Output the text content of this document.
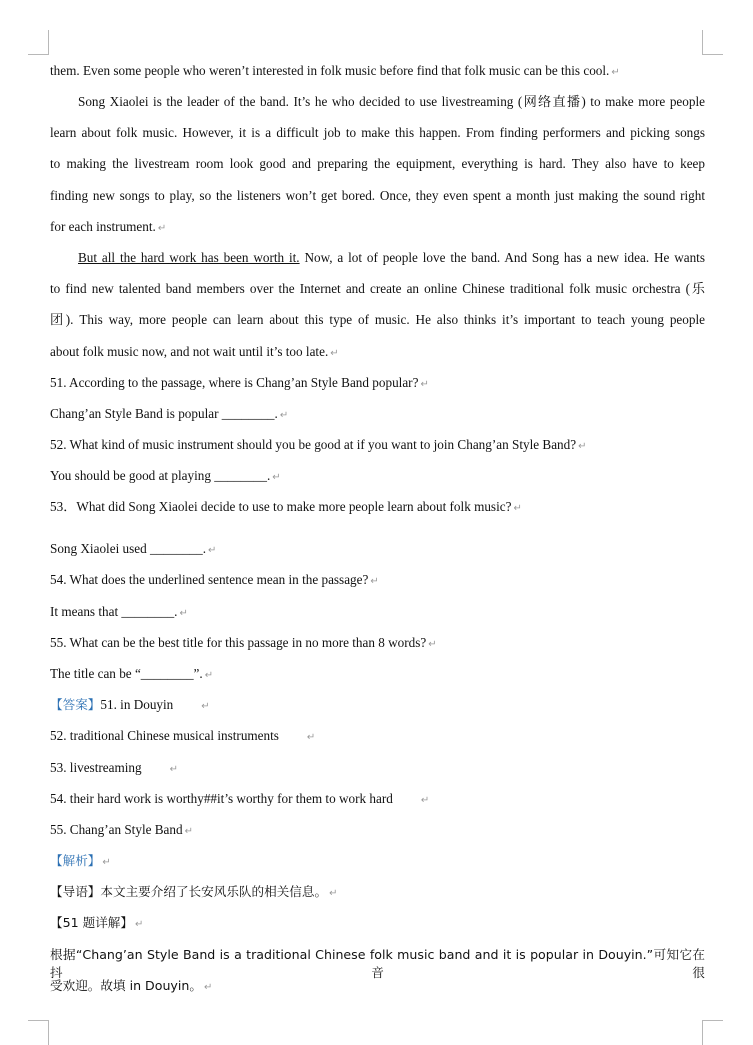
them. Even some people who weren’t interested in folk music before find that folk music can be this cool. ↵
Song Xiaolei is the leader of the band. It’s he who decided to use livestreaming (网络直播) to make more people
learn about folk music. However, it is a difficult job to make this happen. From finding performers and picking songs
to making the livestream room look good and preparing the equipment, everything is hard. They also have to keep
finding new songs to play, so the listeners won’t get bored. Once, they even spent a month just making the sound right
for each instrument. ↵
But all the hard work has been worth it. Now, a lot of people love the band. And Song has a new idea. He wants
to find new talented band members over the Internet and create an online Chinese traditional folk music orchestra (乐
团). This way, more people can learn about this type of music. He also thinks it’s important to teach young people
about folk music now, and not wait until it’s too late. ↵
51. According to the passage, where is Chang’an Style Band popular? ↵
Chang’an Style Band is popular ________. ↵
52. What kind of music instrument should you be good at if you want to join Chang’an Style Band? ↵
You should be good at playing ________. ↵
53．What did Song Xiaolei decide to use to make more people learn about folk music? ↵
Song Xiaolei used ________. ↵
54. What does the underlined sentence mean in the passage? ↵
It means that ________. ↵
55. What can be the best title for this passage in no more than 8 words? ↵
The title can be “________”. ↵
【答案】51. in Douyin	↵
52. traditional Chinese musical instruments	↵
53. livestreaming	↵
54. their hard work is worthy##it’s worthy for them to work hard	↵
55. Chang’an Style Band ↵
【解析】 ↵
【导语】本文主要介绍了长安风乐队的相关信息。 ↵
【51 题详解】 ↵
根据“Chang’an Style Band is a traditional Chinese folk music band and it is popular in Douyin.”可知它在抖音很
受欢迎。故填 in Douyin。 ↵
